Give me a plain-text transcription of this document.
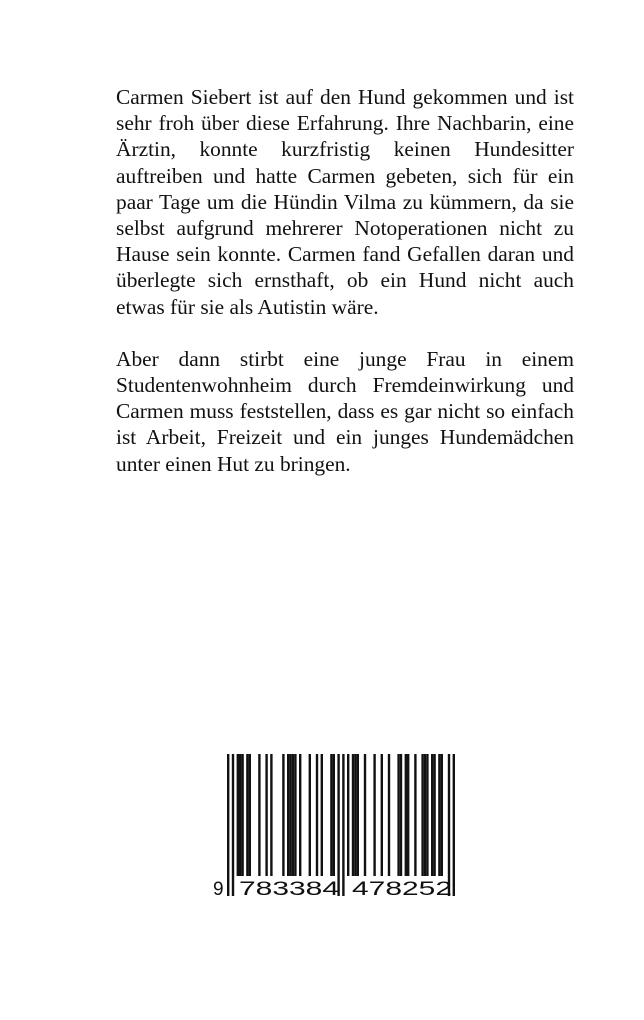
Carmen Siebert ist auf den Hund gekommen und ist sehr froh über diese Erfahrung. Ihre Nachbarin, eine Ärztin, konnte kurzfristig keinen Hundesitter auftreiben und hatte Carmen gebeten, sich für ein paar Tage um die Hündin Vilma zu kümmern, da sie selbst aufgrund mehrerer Notoperationen nicht zu Hause sein konnte. Carmen fand Gefallen daran und überlegte sich ernsthaft, ob ein Hund nicht auch etwas für sie als Autistin wäre.

Aber dann stirbt eine junge Frau in einem Studentenwohnheim durch Fremdeinwirkung und Carmen muss feststellen, dass es gar nicht so einfach ist Arbeit, Freizeit und ein junges Hundemädchen unter einen Hut zu bringen.

9 783384 478252
